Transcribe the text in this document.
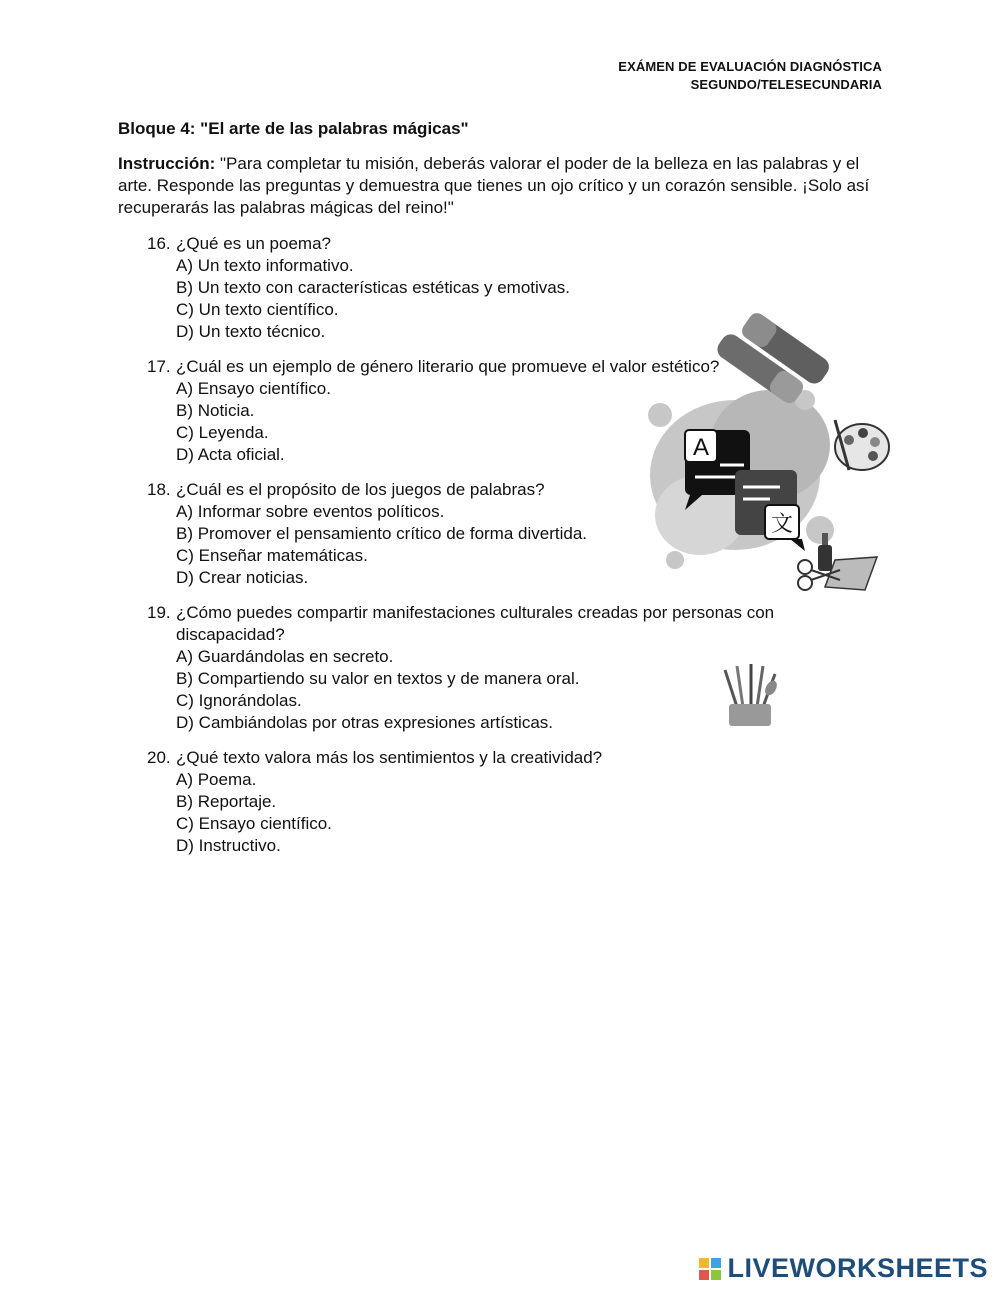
EXÁMEN DE EVALUACIÓN DIAGNÓSTICA
SEGUNDO/TELESECUNDARIA
Bloque 4: "El arte de las palabras mágicas"
Instrucción: "Para completar tu misión, deberás valorar el poder de la belleza en las palabras y el arte. Responde las preguntas y demuestra que tienes un ojo crítico y un corazón sensible. ¡Solo así recuperarás las palabras mágicas del reino!"
16. ¿Qué es un poema?
A) Un texto informativo.
B) Un texto con características estéticas y emotivas.
C) Un texto científico.
D) Un texto técnico.
17. ¿Cuál es un ejemplo de género literario que promueve el valor estético?
A) Ensayo científico.
B) Noticia.
C) Leyenda.
D) Acta oficial.
18. ¿Cuál es el propósito de los juegos de palabras?
A) Informar sobre eventos políticos.
B) Promover el pensamiento crítico de forma divertida.
C) Enseñar matemáticas.
D) Crear noticias.
19. ¿Cómo puedes compartir manifestaciones culturales creadas por personas con discapacidad?
A) Guardándolas en secreto.
B) Compartiendo su valor en textos y de manera oral.
C) Ignorándolas.
D) Cambiándolas por otras expresiones artísticas.
20. ¿Qué texto valora más los sentimientos y la creatividad?
A) Poema.
B) Reportaje.
C) Ensayo científico.
D) Instructivo.
A
文
LIVEWORKSHEETS
